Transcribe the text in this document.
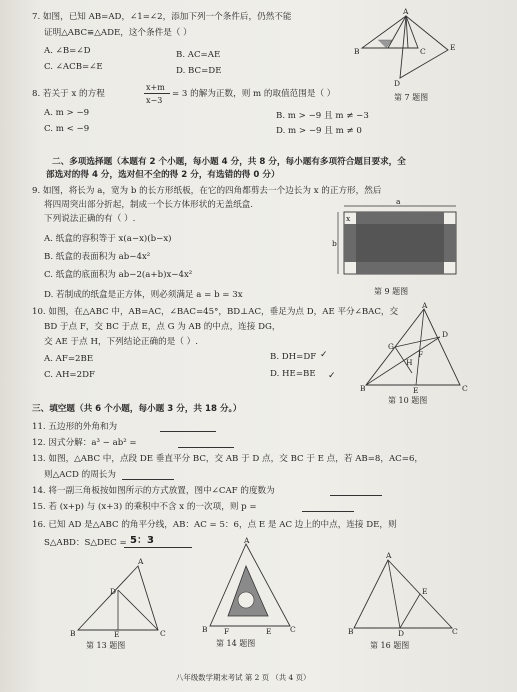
7. 如图，已知 AB=AD，∠1=∠2，添加下列一个条件后，仍然不能
证明△ABC≌△ADE，这个条件是（ ）
A. ∠B=∠D	B. AC=AE
C. ∠ACB=∠E	D. BC=DE
A
B	C
D
E
第 7 题图
8. 若关于 x 的方程
x+m
x−3
= 3 的解为正数，则 m 的取值范围是（ ）
A. m > −9	B. m > −9 且 m ≠ −3
C. m < −9	D. m > −9 且 m ≠ 0
二、多项选择题（本题有 2 个小题，每小题 4 分，共 8 分，每小题有多项符合题目要求，全
部选对的得 4 分，选对但不全的得 2 分，有选错的得 0 分）
9. 如图，将长为 a，宽为 b 的长方形纸板，在它的四角都剪去一个边长为 x 的正方形，然后
将四周突出部分折起，制成一个长方体形状的无盖纸盒.
下列说法正确的有（ ）.
A. 纸盒的容积等于 x(a−x)(b−x)
B. 纸盒的表面积为 ab−4x²
C. 纸盒的底面积为 ab−2(a+b)x−4x²
D. 若制成的纸盒是正方体，则必须满足 a = b = 3x
a
b
x
第 9 题图
10. 如图，在△ABC 中，AB=AC，∠BAC=45°，BD⊥AC，垂足为点 D，AE 平分∠BAC，交
BD 于点 F，交 BC 于点 E，点 G 为 AB 的中点，连接 DG，
交 AE 于点 H，下列结论正确的是（ ）.
A. AF=2BE	B. DH=DF ✓
C. AH=2DF	D. HE=BE ✓
A
B	C
D
E
H
F
G
第 10 题图
三、填空题（共 6 个小题，每小题 3 分，共 18 分。）
11. 五边形的外角和为
12. 因式分解：a³ − ab² =
13. 如图，△ABC 中，点段 DE 垂直平分 BC，交 AB 于 D 点，交 BC 于 E 点，若 AB=8，AC=6，
则△ACD 的周长为
14. 将一副三角板按如图所示的方式放置，图中∠CAF 的度数为
15. 若 (x+p) 与 (x+3) 的乘积中不含 x 的一次项，则 p =
16. 已知 AD 是△ABC 的角平分线，AB：AC = 5：6，点 E 是 AC 边上的中点，连接 DE，则
S△ABD：S△DEC = 5：3
A
B	C
D
E
第 13 题图
A
B	C
F	E
第 14 题图
A
B	C
D
E
第 16 题图
八年级数学期末考试 第 2 页 （共 4 页）
